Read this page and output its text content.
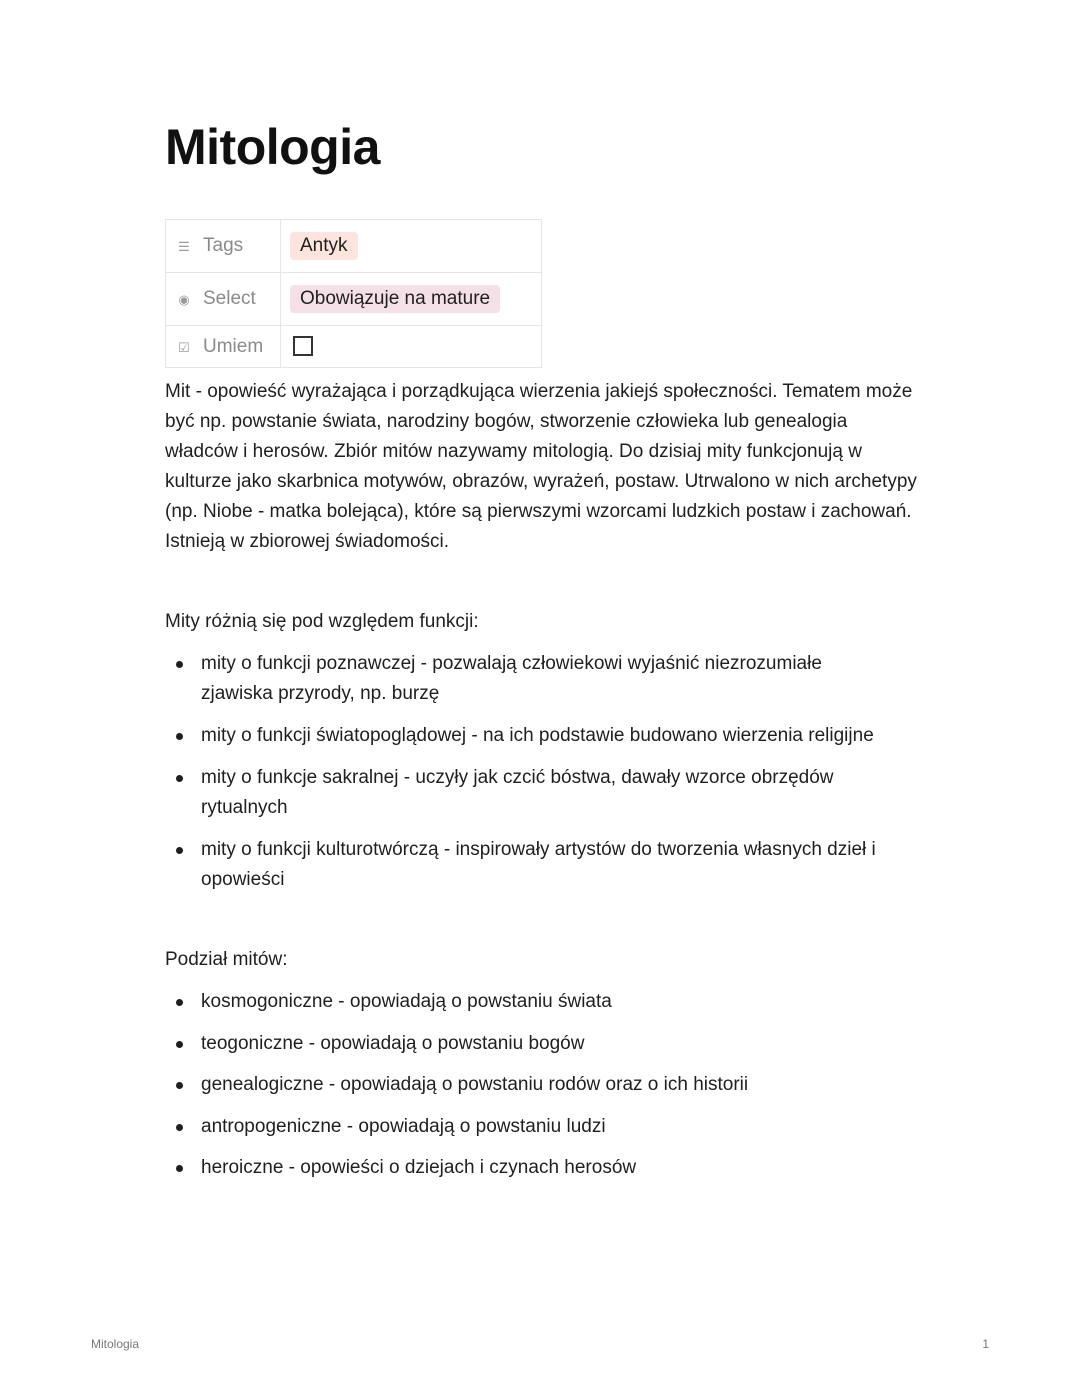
Mitologia
☰ Tags	Antyk
◉ Select	Obowiązuje na mature
☑ Umiem	

Mit - opowieść wyrażająca i porządkująca wierzenia jakiejś społeczności. Tematem może być np. powstanie świata, narodziny bogów, stworzenie człowieka lub genealogia władców i herosów. Zbiór mitów nazywamy mitologią. Do dzisiaj mity funkcjonują w kulturze jako skarbnica motywów, obrazów, wyrażeń, postaw. Utrwalono w nich archetypy (np. Niobe - matka bolejąca), które są pierwszymi wzorcami ludzkich postaw i zachowań. Istnieją w zbiorowej świadomości.

Mity różnią się pod względem funkcji:

mity o funkcji poznawczej - pozwalają człowiekowi wyjaśnić niezrozumiałe zjawiska przyrody, np. burzę
mity o funkcji światopoglądowej - na ich podstawie budowano wierzenia religijne
mity o funkcje sakralnej - uczyły jak czcić bóstwa, dawały wzorce obrzędów rytualnych
mity o funkcji kulturotwórczą - inspirowały artystów do tworzenia własnych dzieł i opowieści

Podział mitów:

kosmogoniczne - opowiadają o powstaniu świata
teogoniczne - opowiadają o powstaniu bogów
genealogiczne - opowiadają o powstaniu rodów oraz o ich historii
antropogeniczne - opowiadają o powstaniu ludzi
heroiczne - opowieści o dziejach i czynach herosów
Mitologia	1
